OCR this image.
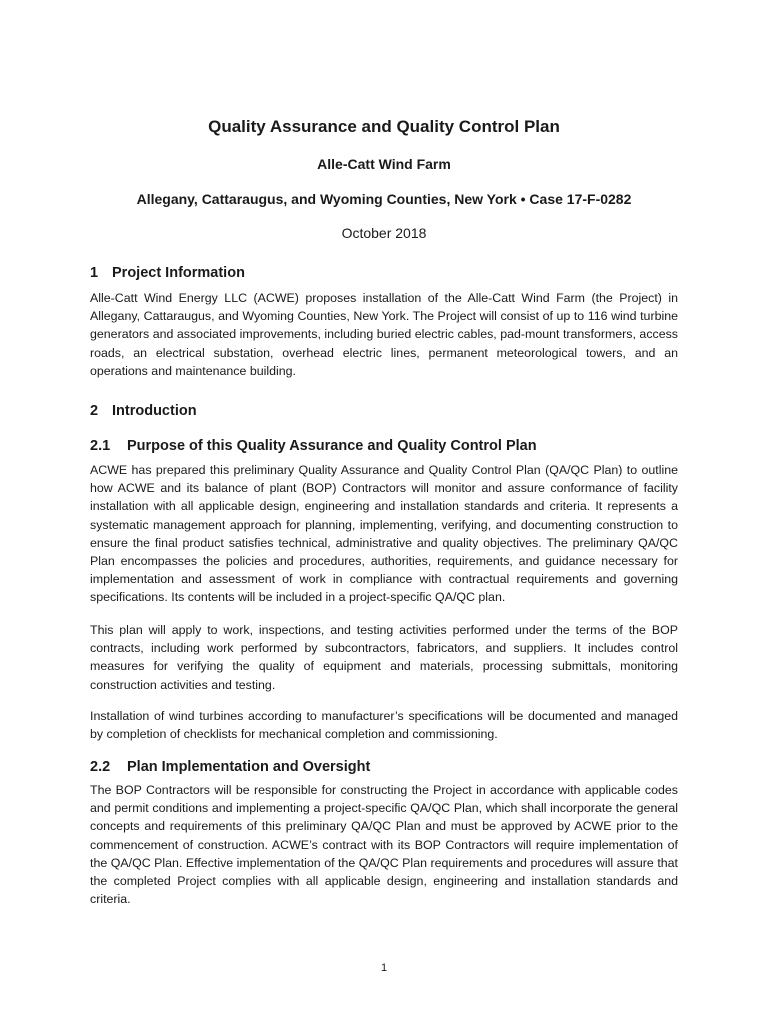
Quality Assurance and Quality Control Plan

Alle-Catt Wind Farm

Allegany, Cattaraugus, and Wyoming Counties, New York • Case 17-F-0282

October 2018

1 Project Information

Alle-Catt Wind Energy LLC (ACWE) proposes installation of the Alle-Catt Wind Farm (the Project) in Allegany, Cattaraugus, and Wyoming Counties, New York. The Project will consist of up to 116 wind turbine generators and associated improvements, including buried electric cables, pad-mount transformers, access roads, an electrical substation, overhead electric lines, permanent meteorological towers, and an operations and maintenance building.

2 Introduction
2.1 Purpose of this Quality Assurance and Quality Control Plan

ACWE has prepared this preliminary Quality Assurance and Quality Control Plan (QA/QC Plan) to outline how ACWE and its balance of plant (BOP) Contractors will monitor and assure conformance of facility installation with all applicable design, engineering and installation standards and criteria. It represents a systematic management approach for planning, implementing, verifying, and documenting construction to ensure the final product satisfies technical, administrative and quality objectives. The preliminary QA/QC Plan encompasses the policies and procedures, authorities, requirements, and guidance necessary for implementation and assessment of work in compliance with contractual requirements and governing specifications. Its contents will be included in a project-specific QA/QC plan.

This plan will apply to work, inspections, and testing activities performed under the terms of the BOP contracts, including work performed by subcontractors, fabricators, and suppliers. It includes control measures for verifying the quality of equipment and materials, processing submittals, monitoring construction activities and testing.

Installation of wind turbines according to manufacturer’s specifications will be documented and managed by completion of checklists for mechanical completion and commissioning.

2.2 Plan Implementation and Oversight

The BOP Contractors will be responsible for constructing the Project in accordance with applicable codes and permit conditions and implementing a project-specific QA/QC Plan, which shall incorporate the general concepts and requirements of this preliminary QA/QC Plan and must be approved by ACWE prior to the commencement of construction. ACWE’s contract with its BOP Contractors will require implementation of the QA/QC Plan. Effective implementation of the QA/QC Plan requirements and procedures will assure that the completed Project complies with all applicable design, engineering and installation standards and criteria.

1
